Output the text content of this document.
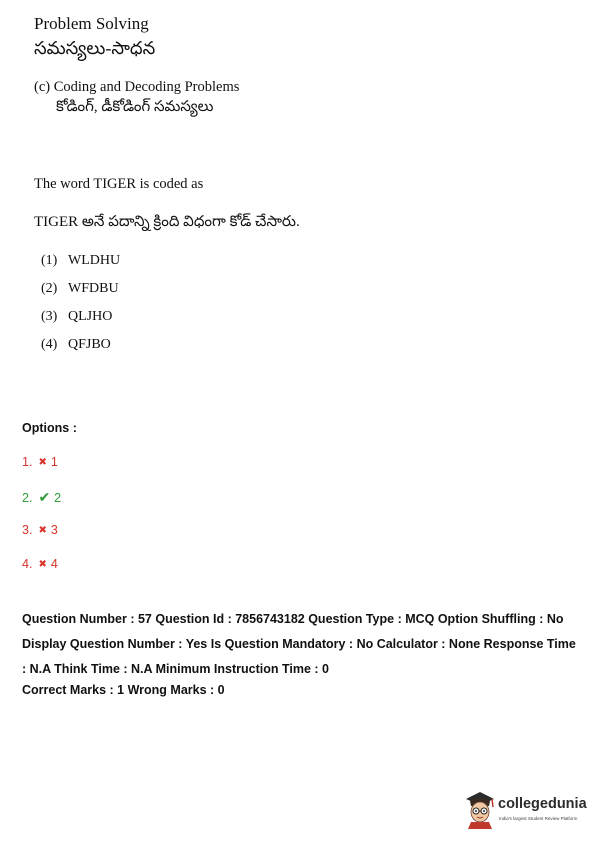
Problem Solving
సమస్యలు-సాధన
(c) Coding and Decoding Problems
కోడింగ్, డీకోడింగ్ సమస్యలు
The word TIGER is coded as
TIGER అనే పదాన్ని క్రింది విధంగా కోడ్ చేసారు.
(1) WLDHU
(2) WFDBU
(3) QLJHO
(4) QFJBO
Options :
1. ✖ 1
2. ✔ 2
3. ✖ 3
4. ✖ 4
Question Number : 57 Question Id : 7856743182 Question Type : MCQ Option Shuffling : No
Display Question Number : Yes Is Question Mandatory : No Calculator : None Response Time
: N.A Think Time : N.A Minimum Instruction Time : 0
Correct Marks : 1 Wrong Marks : 0
collegedunia
India's largest Student Review Platform
